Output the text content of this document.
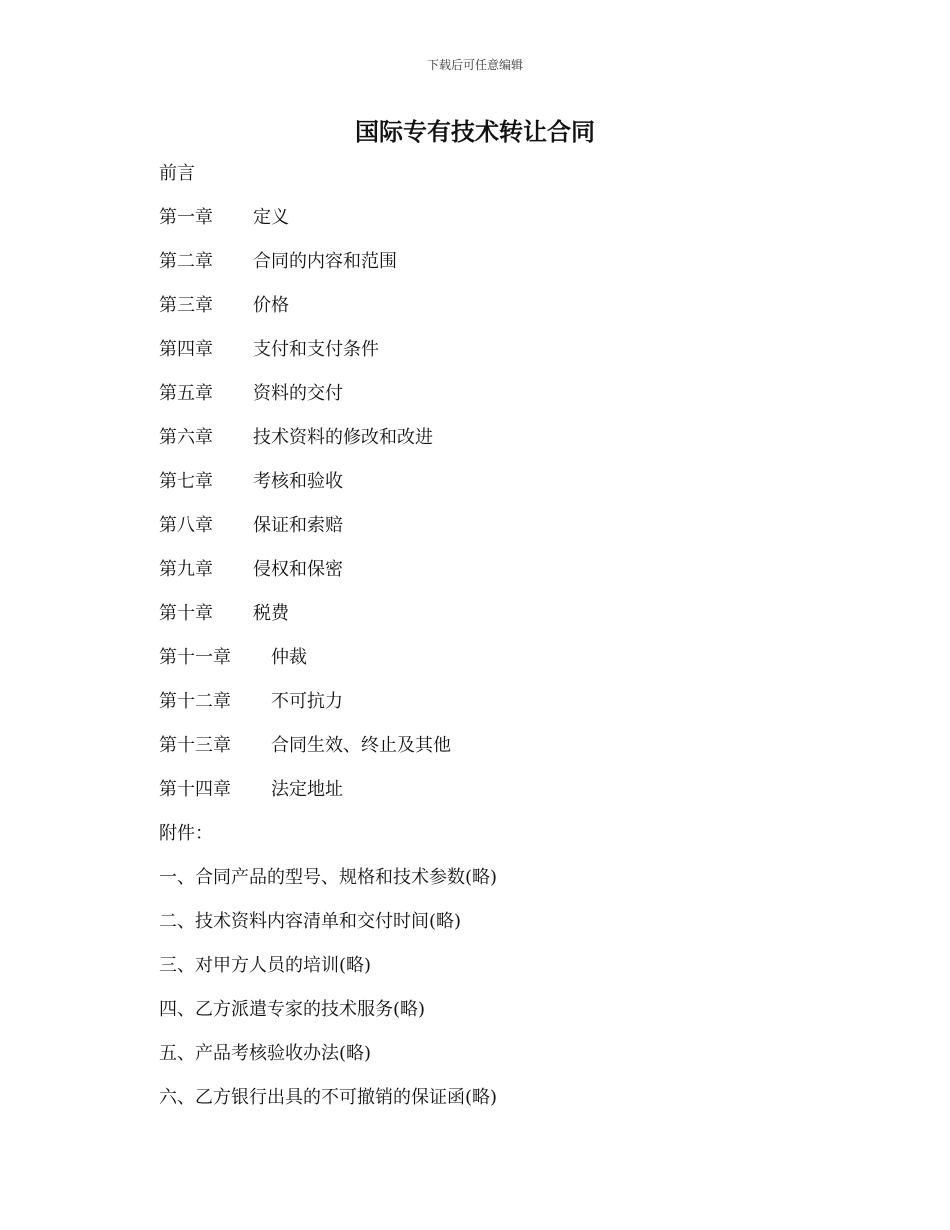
下载后可任意编辑
国际专有技术转让合同
前言
第一章 定义
第二章 合同的内容和范围
第三章 价格
第四章 支付和支付条件
第五章 资料的交付
第六章 技术资料的修改和改进
第七章 考核和验收
第八章 保证和索赔
第九章 侵权和保密
第十章 税费
第十一章 仲裁
第十二章 不可抗力
第十三章 合同生效、终止及其他
第十四章 法定地址
附件：
一、合同产品的型号、规格和技术参数(略)
二、技术资料内容清单和交付时间(略)
三、对甲方人员的培训(略)
四、乙方派遣专家的技术服务(略)
五、产品考核验收办法(略)
六、乙方银行出具的不可撤销的保证函(略)
